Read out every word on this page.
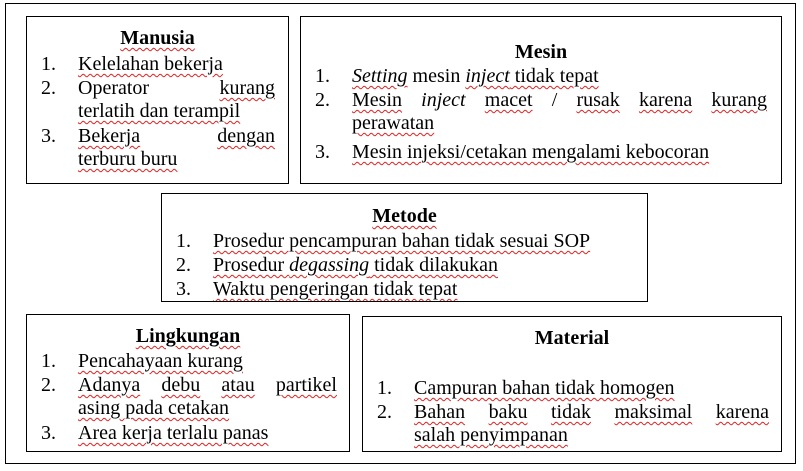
Manusia
1. Kelelahan bekerja
2. Operator	kurang
terlatih dan terampil
3. Bekerja	dengan
terburu buru
Mesin
1. Setting mesin inject tidak tepat
2. Mesin inject macet / rusak karena kurang
perawatan
3. Mesin injeksi/cetakan mengalami kebocoran
Metode
1. Prosedur pencampuran bahan tidak sesuai SOP
2. Prosedur degassing tidak dilakukan
3. Waktu pengeringan tidak tepat
Lingkungan
1. Pencahayaan kurang
2. Adanya debu atau partikel
asing pada cetakan
3. Area kerja terlalu panas
Material
1. Campuran bahan tidak homogen
2. Bahan baku tidak maksimal karena
salah penyimpanan
